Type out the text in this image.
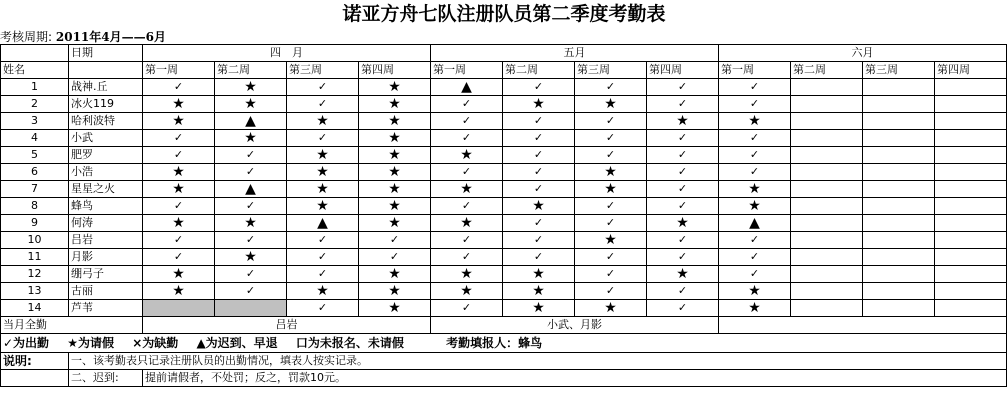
诺亚方舟七队注册队员第二季度考勤表
考核周期: 2011年4月——6月
	日期	四　月				五月				六月			
姓名		第一周	第二周	第三周	第四周	第一周	第二周	第三周	第四周	第一周	第二周	第三周	第四周
1	战神.丘	✓	★	✓	★	▲	✓	✓	✓	✓			
2	冰火119	★	★	✓	★	✓	★	★	✓	✓			
3	哈利波特	★	▲	★	★	✓	✓	✓	★	★			
4	小武	✓	★	✓	★	✓	✓	✓	✓	✓			
5	肥罗	✓	✓	★	★	★	✓	✓	✓	✓			
6	小浩	★	✓	★	★	✓	✓	★	✓	✓			
7	星星之火	★	▲	★	★	★	✓	★	✓	★			
8	蜂鸟	✓	✓	★	★	✓	★	✓	✓	★			
9	何涛	★	★	▲	★	★	✓	✓	★	▲			
10	吕岩	✓	✓	✓	✓	✓	✓	★	✓	✓			
11	月影	✓	★	✓	✓	✓	✓	✓	✓	✓			
12	绷弓子	★	✓	✓	★	★	★	✓	★	✓			
13	古丽	★	✓	★	★	★	★	✓	✓	★			
14	芦苇			✓	★	✓	★	★	✓	★			
当月全勤		吕岩				小武、月影							
✓为出勤 ★为请假 ×为缺勤 ▲为迟到、早退 口为未报名、未请假 考勤填报人：蜂鸟													
说明:	一、该考勤表只记录注册队员的出勤情况，填表人按实记录。												
	二、迟到:	提前请假者，不处罚；反之，罚款10元。											
